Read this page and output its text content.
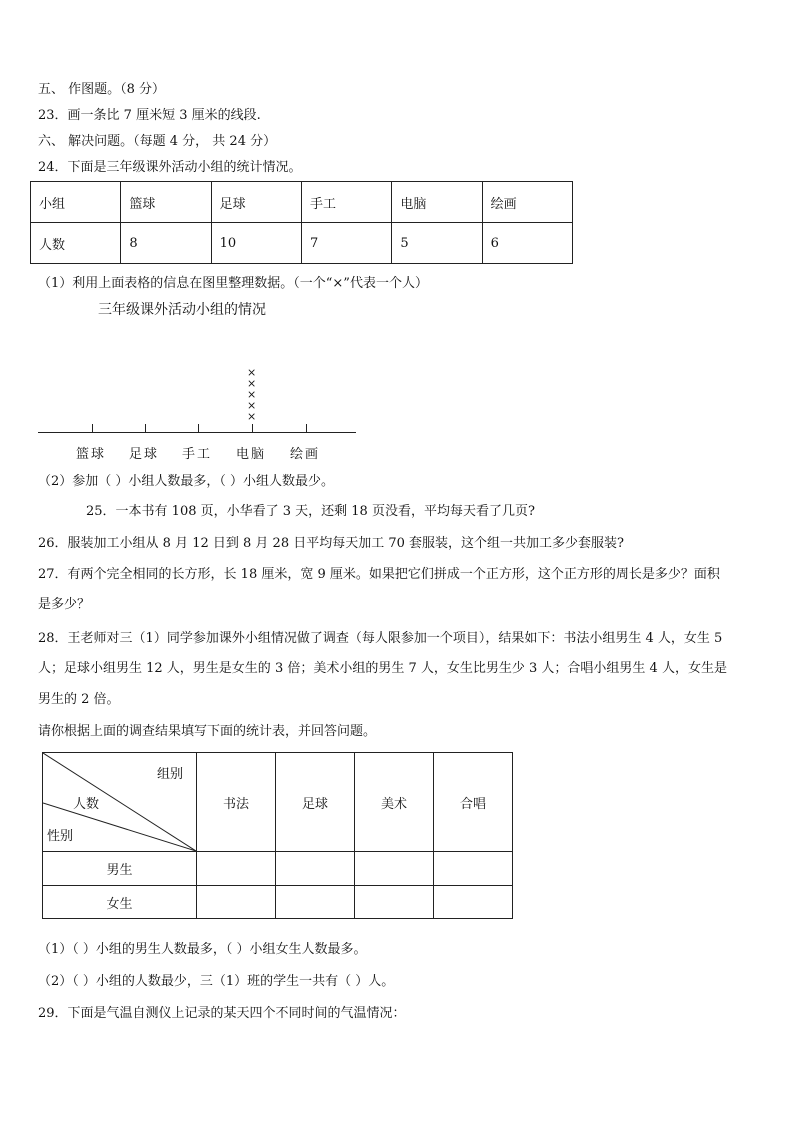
五、 作图题。（8 分）
23．画一条比 7 厘米短 3 厘米的线段.
六、 解决问题。（每题 4 分， 共 24 分）
24．下面是三年级课外活动小组的统计情况。
小组	篮球	足球	手工	电脑	绘画
人数	8	10	7	5	6
（1）利用上面表格的信息在图里整理数据。（一个“×”代表一个人）
三年级课外活动小组的情况
篮球 足球 手工 电脑
×
×
×
×
×
绘画
（2）参加（ ）小组人数最多，（ ）小组人数最少。
25．一本书有 108 页，小华看了 3 天，还剩 18 页没看，平均每天看了几页?
26．服装加工小组从 8 月 12 日到 8 月 28 日平均每天加工 70 套服装，这个组一共加工多少套服装?
27．有两个完全相同的长方形，长 18 厘米，宽 9 厘米。如果把它们拼成一个正方形，这个正方形的周长是多少？面积
是多少？
28．王老师对三（1）同学参加课外小组情况做了调查（每人限参加一个项目），结果如下：书法小组男生 4 人，女生 5
人；足球小组男生 12 人，男生是女生的 3 倍；美术小组的男生 7 人，女生比男生少 3 人；合唱小组男生 4 人，女生是
男生的 2 倍。
请你根据上面的调查结果填写下面的统计表，并回答问题。
组别
人数
性别	书法	足球	美术	合唱
男生				
女生				
（1）（ ）小组的男生人数最多，（ ）小组女生人数最多。
（2）（ ）小组的人数最少，三（1）班的学生一共有（ ）人。
29．下面是气温自测仪上记录的某天四个不同时间的气温情况：
